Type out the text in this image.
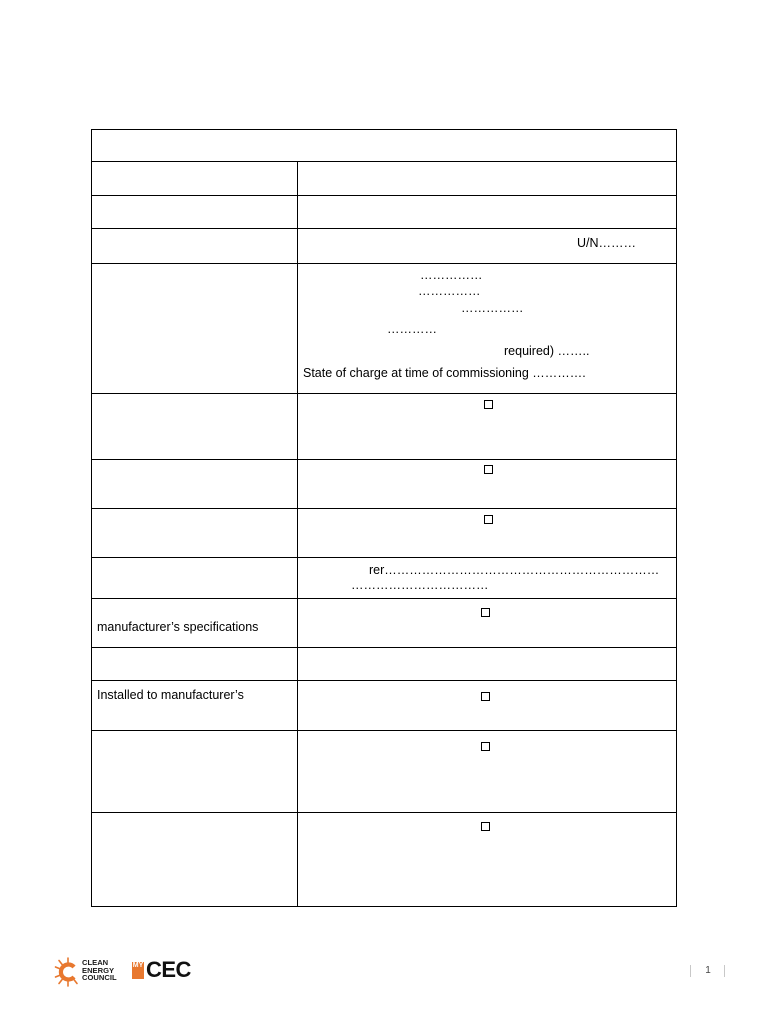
U/N………
……………
……………
……………
…………
required) ……..
State of charge at time of commissioning ………….
rer…………………………………………………………
……………………………
manufacturer’s specifications
Installed to manufacturer’s
CLEAN
ENERGY
COUNCIL
MY CEC	1
